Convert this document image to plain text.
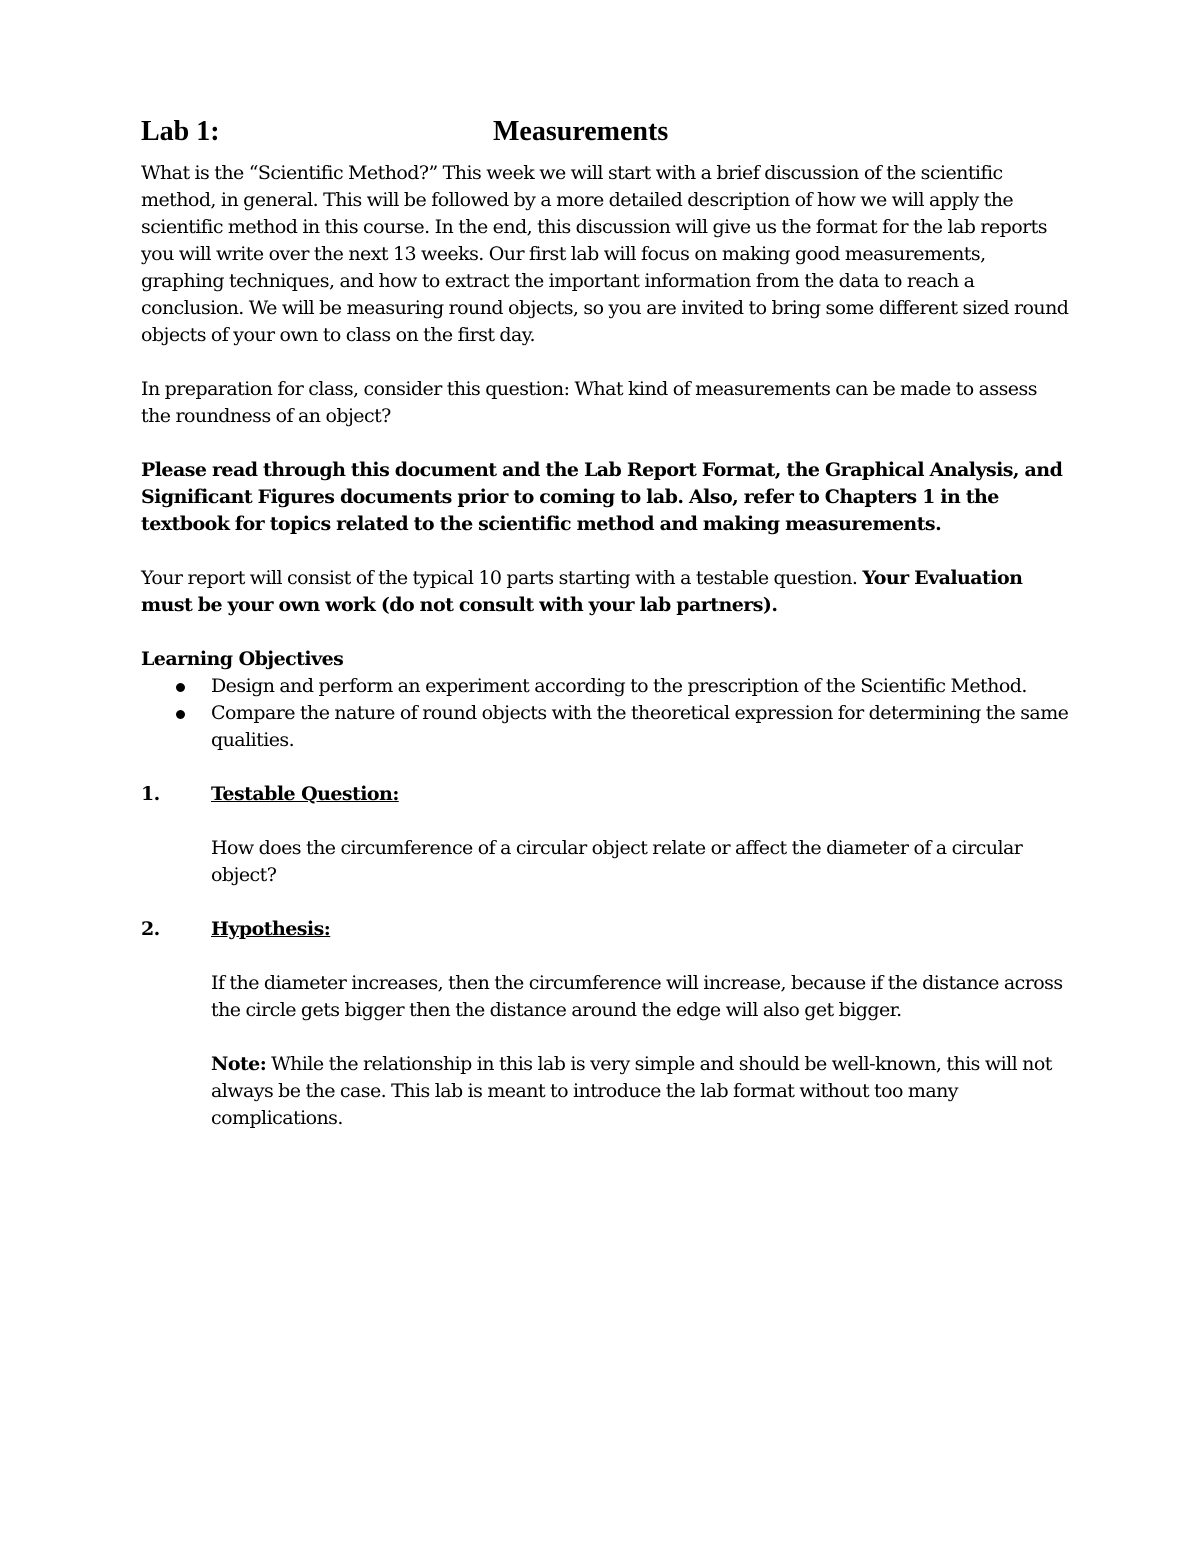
Lab 1:	Measurements

What is the “Scientific Method?” This week we will start with a brief discussion of the scientific method, in general. This will be followed by a more detailed description of how we will apply the scientific method in this course. In the end, this discussion will give us the format for the lab reports you will write over the next 13 weeks. Our first lab will focus on making good measurements, graphing techniques, and how to extract the important information from the data to reach a conclusion. We will be measuring round objects, so you are invited to bring some different sized round objects of your own to class on the first day.

In preparation for class, consider this question: What kind of measurements can be made to assess the roundness of an object?

Please read through this document and the Lab Report Format, the Graphical Analysis, and Significant Figures documents prior to coming to lab. Also, refer to Chapters 1 in the textbook for topics related to the scientific method and making measurements.

Your report will consist of the typical 10 parts starting with a testable question. Your Evaluation must be your own work (do not consult with your lab partners).

Learning Objectives
Design and perform an experiment according to the prescription of the Scientific Method.
Compare the nature of round objects with the theoretical expression for determining the same qualities.
1.	Testable Question:

How does the circumference of a circular object relate or affect the diameter of a circular object?

2.	Hypothesis:

If the diameter increases, then the circumference will increase, because if the distance across the circle gets bigger then the distance around the edge will also get bigger.

Note: While the relationship in this lab is very simple and should be well-known, this will not always be the case. This lab is meant to introduce the lab format without too many complications.
